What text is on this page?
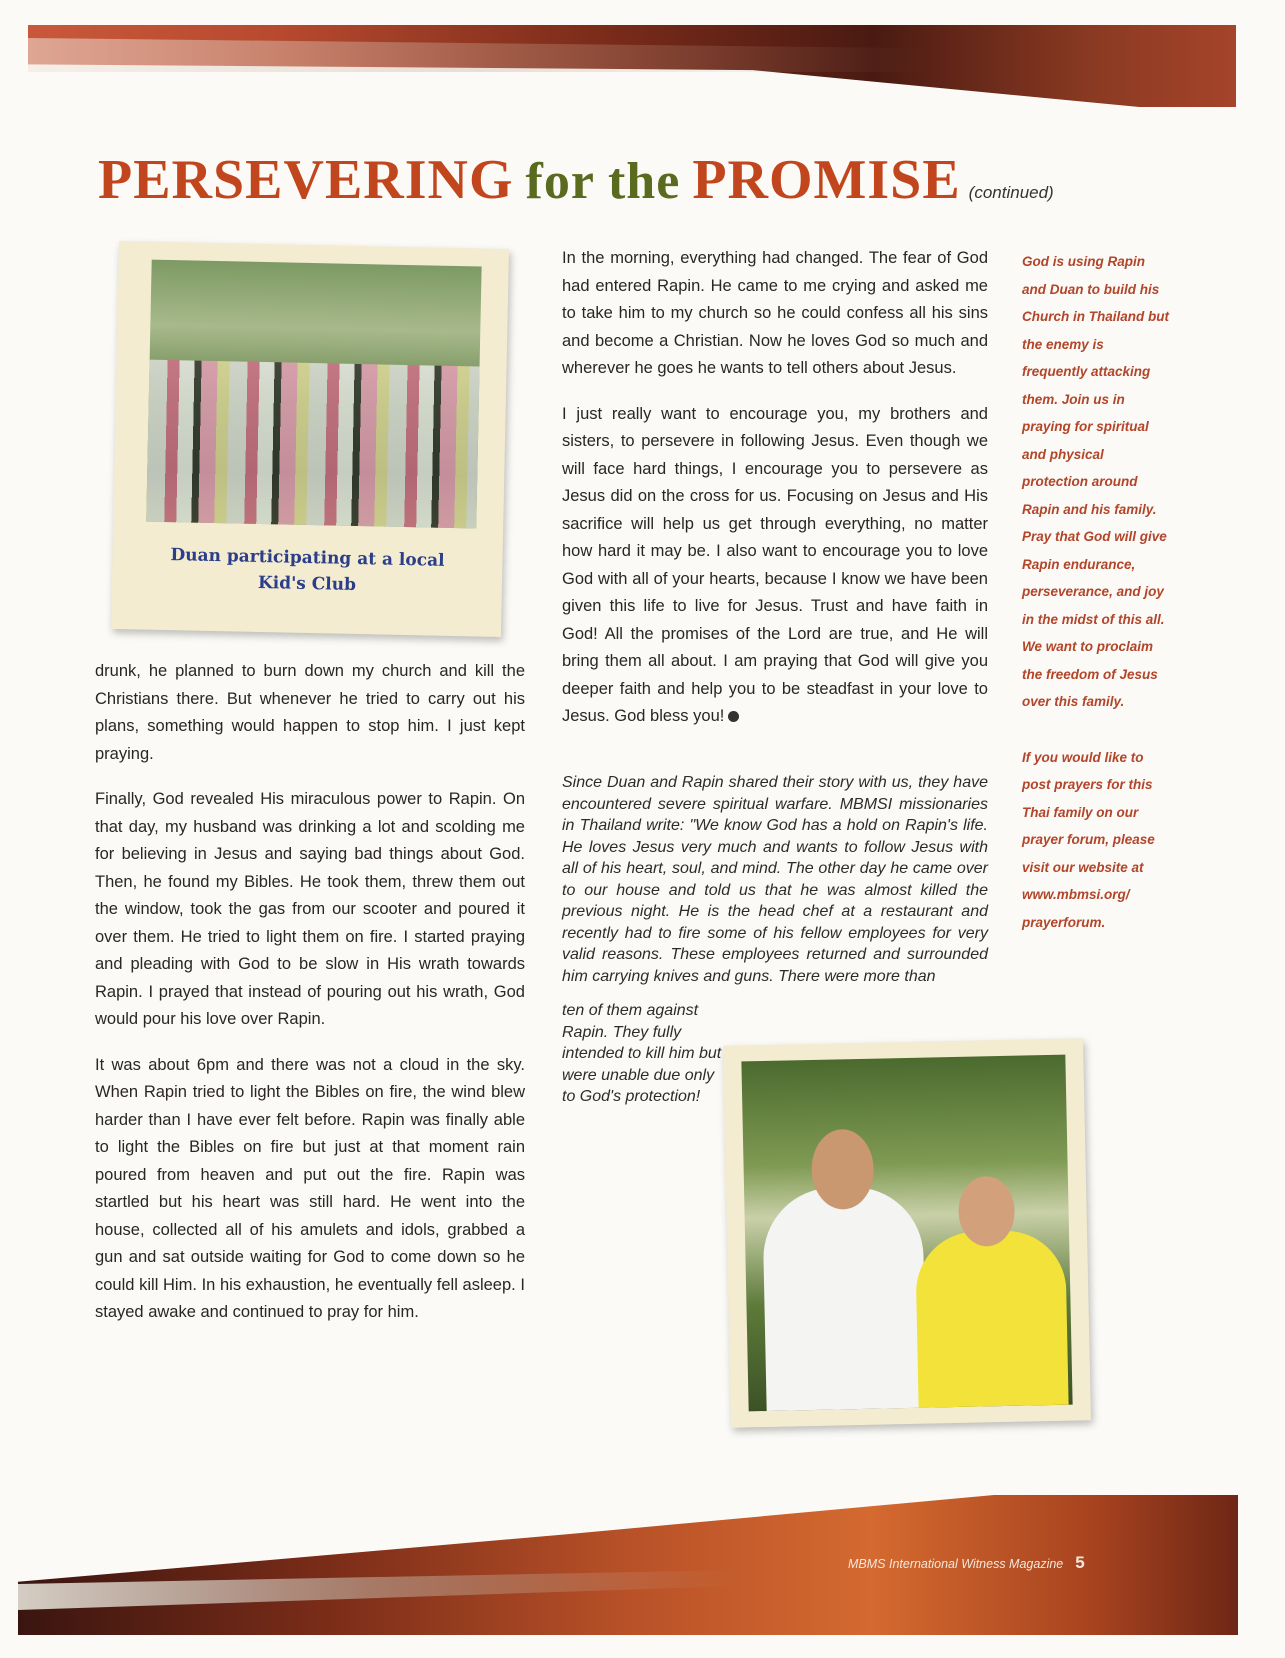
PERSEVERING for the PROMISE (continued)
Duan participating at a local
Kid's Club

drunk, he planned to burn down my church and kill the Christians there. But whenever he tried to carry out his plans, something would happen to stop him. I just kept praying.

Finally, God revealed His miraculous power to Rapin. On that day, my husband was drinking a lot and scolding me for believing in Jesus and saying bad things about God. Then, he found my Bibles. He took them, threw them out the window, took the gas from our scooter and poured it over them. He tried to light them on fire. I started praying and pleading with God to be slow in His wrath towards Rapin. I prayed that instead of pouring out his wrath, God would pour his love over Rapin.

It was about 6pm and there was not a cloud in the sky. When Rapin tried to light the Bibles on fire, the wind blew harder than I have ever felt before. Rapin was finally able to light the Bibles on fire but just at that moment rain poured from heaven and put out the fire. Rapin was startled but his heart was still hard. He went into the house, collected all of his amulets and idols, grabbed a gun and sat outside waiting for God to come down so he could kill Him. In his exhaustion, he eventually fell asleep. I stayed awake and continued to pray for him.

In the morning, everything had changed. The fear of God had entered Rapin. He came to me crying and asked me to take him to my church so he could confess all his sins and become a Christian. Now he loves God so much and wherever he goes he wants to tell others about Jesus.

I just really want to encourage you, my brothers and sisters, to persevere in following Jesus. Even though we will face hard things, I encourage you to persevere as Jesus did on the cross for us. Focusing on Jesus and His sacrifice will help us get through everything, no matter how hard it may be. I also want to encourage you to love God with all of your hearts, because I know we have been given this life to live for Jesus. Trust and have faith in God! All the promises of the Lord are true, and He will bring them all about. I am praying that God will give you deeper faith and help you to be steadfast in your love to Jesus. God bless you!

Since Duan and Rapin shared their story with us, they have encountered severe spiritual warfare. MBMSI missionaries in Thailand write: "We know God has a hold on Rapin's life. He loves Jesus very much and wants to follow Jesus with all of his heart, soul, and mind. The other day he came over to our house and told us that he was almost killed the previous night. He is the head chef at a restaurant and recently had to fire some of his fellow employees for very valid reasons. These employees returned and surrounded him carrying knives and guns. There were more than
ten of them against Rapin. They fully intended to kill him but were unable due only to God's protection!

God is using Rapin and Duan to build his Church in Thailand but the enemy is frequently attacking them. Join us in praying for spiritual and physical protection around Rapin and his family. Pray that God will give Rapin endurance, perseverance, and joy in the midst of this all. We want to proclaim the freedom of Jesus over this family.

If you would like to post prayers for this Thai family on our prayer forum, please visit our website at www.mbmsi.org/ prayerforum.

MBMS International Witness Magazine 5
